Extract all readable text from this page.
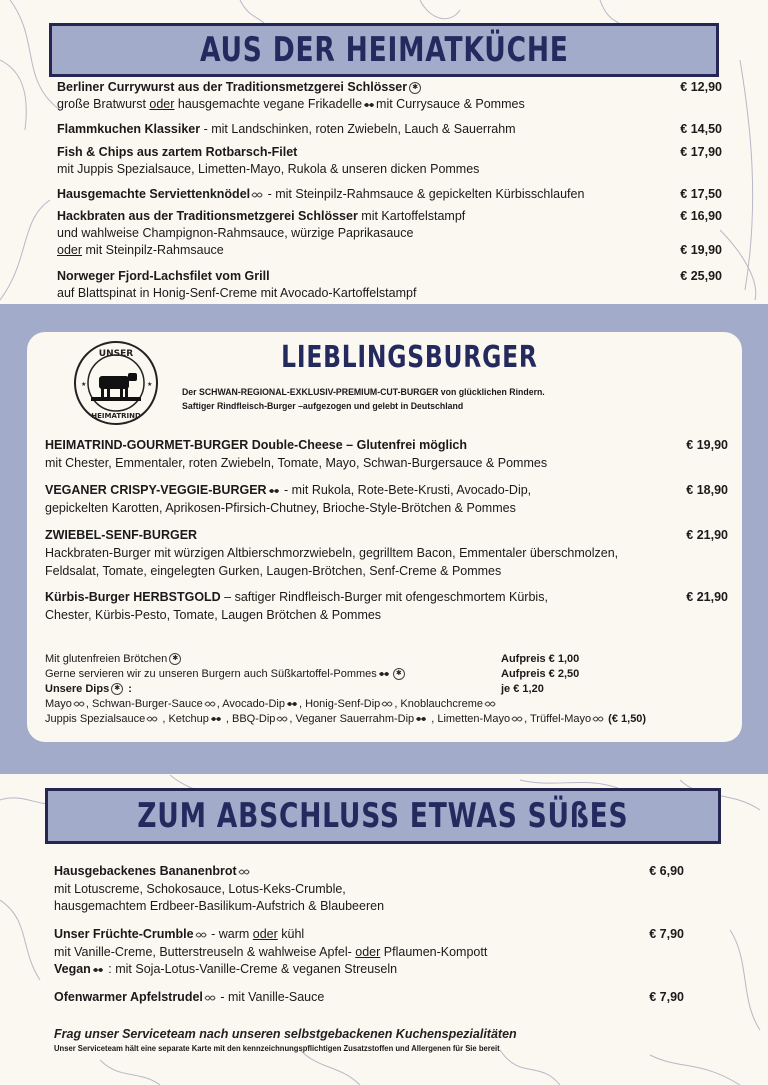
AUS DER HEIMATKÜCHE
Berliner Currywurst aus der Traditionsmetzgerei Schlösser ✱	€ 12,90

große Bratwurst oder hausgemachte vegane Frikadelle mit Currysauce & Pommes
Flammkuchen Klassiker - mit Landschinken, roten Zwiebeln, Lauch & Sauerrahm	€ 14,50
Fish & Chips aus zartem Rotbarsch-Filet	€ 17,90

mit Juppis Spezialsauce, Limetten-Mayo, Rukola & unseren dicken Pommes
Hausgemachte Serviettenknödel - mit Steinpilz-Rahmsauce & gepickelten Kürbisschlaufen	€ 17,50
Hackbraten aus der Traditionsmetzgerei Schlösser mit Kartoffelstampf	€ 16,90

und wahlweise Champignon-Rahmsauce, würzige Paprikasauce
oder mit Steinpilz-Rahmsauce	€ 19,90
Norweger Fjord-Lachsfilet vom Grill	€ 25,90

auf Blattspinat in Honig-Senf-Creme mit Avocado-Kartoffelstampf
UNSER
HEIMATRIND
★	★
LIEBLINGSBURGER
Der SCHWAN-REGIONAL-EXKLUSIV-PREMIUM-CUT-BURGER von glücklichen Rindern.
Saftiger Rindfleisch-Burger –aufgezogen und gelebt in Deutschland
HEIMATRIND-GOURMET-BURGER Double-Cheese – Glutenfrei möglich	€ 19,90

mit Chester, Emmentaler, roten Zwiebeln, Tomate, Mayo, Schwan-Burgersauce & Pommes
VEGANER CRISPY-VEGGIE-BURGER - mit Rukola, Rote-Bete-Krusti, Avocado-Dip,	€ 18,90

gepickelten Karotten, Aprikosen-Pfirsich-Chutney, Brioche-Style-Brötchen & Pommes
ZWIEBEL-SENF-BURGER	€ 21,90

Hackbraten-Burger mit würzigen Altbierschmorzwiebeln, gegrilltem Bacon, Emmentaler überschmolzen,
Feldsalat, Tomate, eingelegten Gurken, Laugen-Brötchen, Senf-Creme & Pommes
Kürbis-Burger HERBSTGOLD – saftiger Rindfleisch-Burger mit ofengeschmortem Kürbis,	€ 21,90

Chester, Kürbis-Pesto, Tomate, Laugen Brötchen & Pommes
Mit glutenfreien Brötchen ✱	Aufpreis € 1,00
Gerne servieren wir zu unseren Burgern auch Süßkartoffel-Pommes	✱	Aufpreis € 2,50
Unsere Dips ✱ :	je € 1,20
Mayo , Schwan-Burger-Sauce , Avocado-Dip , Honig-Senf-Dip , Knoblauchcreme
Juppis Spezialsauce , Ketchup , BBQ-Dip , Veganer Sauerrahm-Dip , Limetten-Mayo , Trüffel-Mayo (€ 1,50)
ZUM ABSCHLUSS ETWAS SÜßES
Hausgebackenes Bananenbrot	€ 6,90

mit Lotuscreme, Schokosauce, Lotus-Keks-Crumble,
hausgemachtem Erdbeer-Basilikum-Aufstrich & Blaubeeren
Unser Früchte-Crumble - warm oder kühl	€ 7,90

mit Vanille-Creme, Butterstreuseln & wahlweise Apfel- oder Pflaumen-Kompott
Vegan : mit Soja-Lotus-Vanille-Creme & veganen Streuseln
Ofenwarmer Apfelstrudel - mit Vanille-Sauce	€ 7,90
Frag unser Serviceteam nach unseren selbstgebackenen Kuchenspezialitäten
Unser Serviceteam hält eine separate Karte mit den kennzeichnungspflichtigen Zusatzstoffen und Allergenen für Sie bereit
